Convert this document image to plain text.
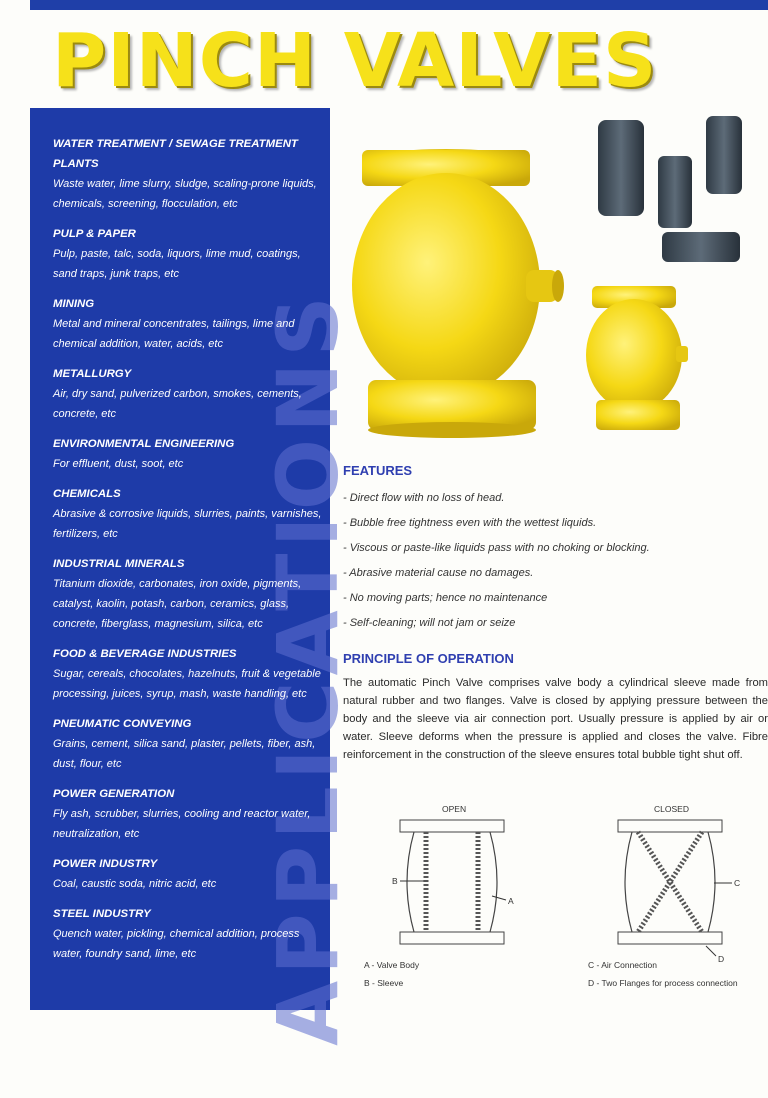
PINCH VALVES
APPLICATIONS
WATER TREATMENT / SEWAGE TREATMENT PLANTS
Waste water, lime slurry, sludge, scaling-prone liquids, chemicals, screening, flocculation, etc
PULP & PAPER
Pulp, paste, talc, soda, liquors, lime mud, coatings, sand traps, junk traps, etc
MINING
Metal and mineral concentrates, tailings, lime and chemical addition, water, acids, etc
METALLURGY
Air, dry sand, pulverized carbon, smokes, cements, concrete, etc
ENVIRONMENTAL ENGINEERING
For effluent, dust, soot, etc
CHEMICALS
Abrasive & corrosive liquids, slurries, paints, varnishes, fertilizers, etc
INDUSTRIAL MINERALS
Titanium dioxide, carbonates, iron oxide, pigments, catalyst, kaolin, potash, carbon, ceramics, glass, concrete, fiberglass, magnesium, silica, etc
FOOD & BEVERAGE INDUSTRIES
Sugar, cereals, chocolates, hazelnuts, fruit & vegetable processing, juices, syrup, mash, waste handling, etc
PNEUMATIC CONVEYING
Grains, cement, silica sand, plaster, pellets, fiber, ash, dust, flour, etc
POWER GENERATION
Fly ash, scrubber, slurries, cooling and reactor water, neutralization, etc
POWER INDUSTRY
Coal, caustic soda, nitric acid, etc
STEEL INDUSTRY
Quench water, pickling, chemical addition, process water, foundry sand, lime, etc
FEATURES
- Direct flow with no loss of head.
- Bubble free tightness even with the wettest liquids.
- Viscous or paste-like liquids pass with no choking or blocking.
- Abrasive material cause no damages.
- No moving parts; hence no maintenance
- Self-cleaning; will not jam or seize
PRINCIPLE OF OPERATION
The automatic Pinch Valve comprises valve body a cylindrical sleeve made from natural rubber and two flanges. Valve is closed by applying pressure between the body and the sleeve via air connection port. Usually pressure is applied by air or water. Sleeve deforms when the pressure is applied and closes the valve. Fibre reinforcement in the construction of the sleeve ensures total bubble tight shut off.
OPEN
B
A
CLOSED
C
D
A - Valve Body
B - Sleeve
C - Air Connection
D - Two Flanges for process connection
